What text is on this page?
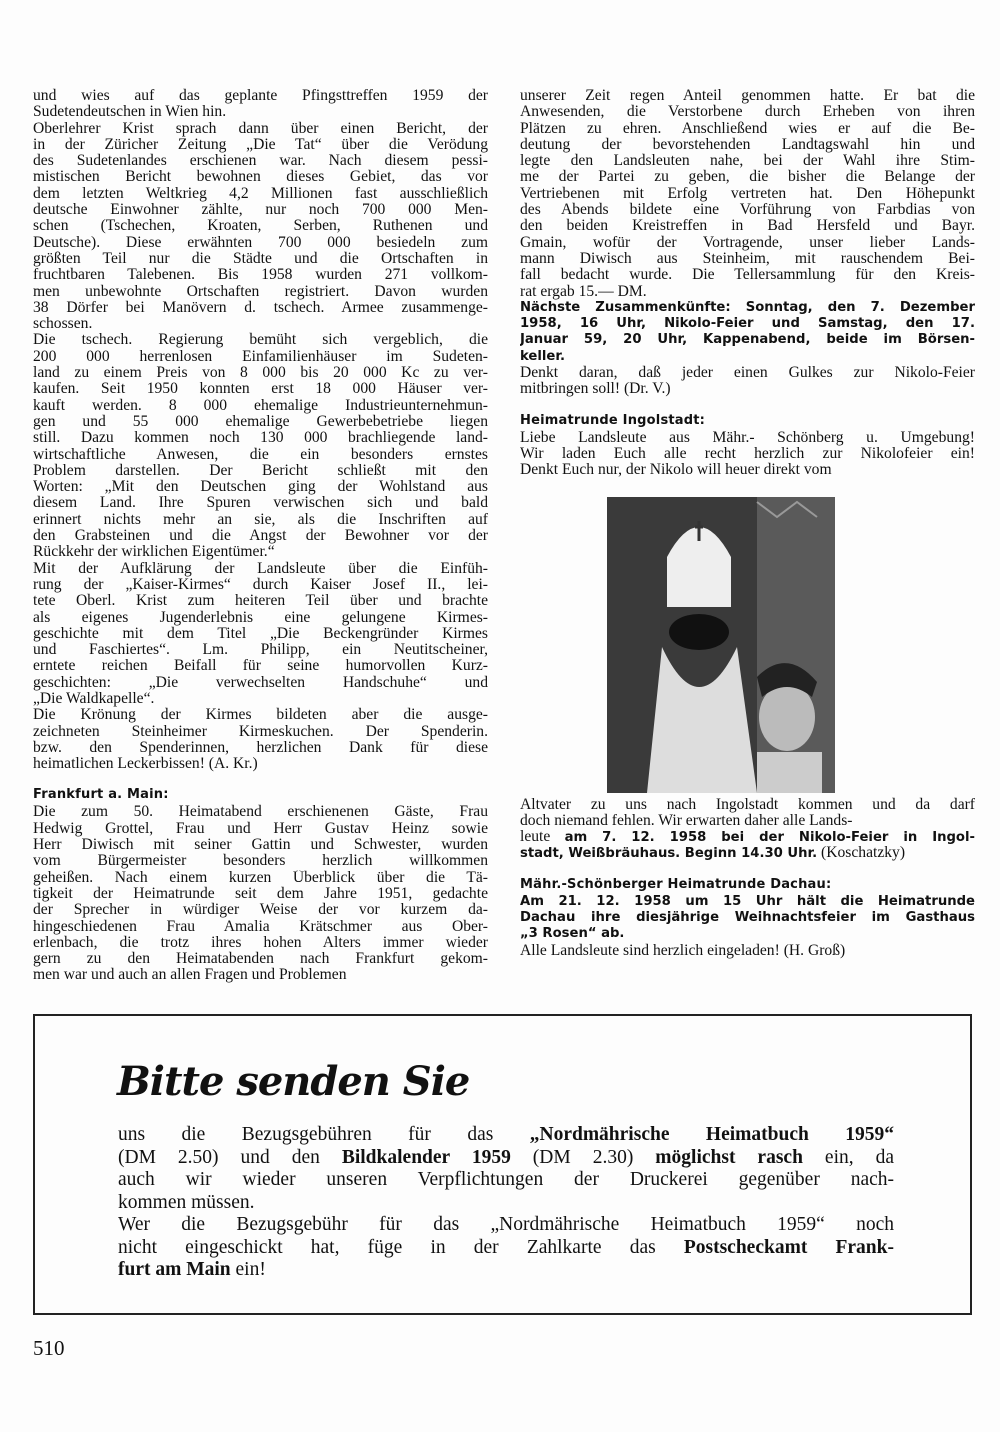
und wies auf das geplante Pfingsttreffen 1959 der
Sudetendeutschen in Wien hin.
Oberlehrer Krist sprach dann über einen Bericht, der
in der Züricher Zeitung „Die Tat“ über die Verödung
des Sudetenlandes erschienen war. Nach diesem pessi-
mistischen Bericht bewohnen dieses Gebiet, das vor
dem letzten Weltkrieg 4,2 Millionen fast ausschließlich
deutsche Einwohner zählte, nur noch 700 000 Men-
schen (Tschechen, Kroaten, Serben, Ruthenen und
Deutsche). Diese erwähnten 700 000 besiedeln zum
größten Teil nur die Städte und die Ortschaften in
fruchtbaren Talebenen. Bis 1958 wurden 271 vollkom-
men unbewohnte Ortschaften registriert. Davon wurden
38 Dörfer bei Manövern d. tschech. Armee zusammenge-
schossen.
Die tschech. Regierung bemüht sich vergeblich, die
200 000 herrenlosen Einfamilienhäuser im Sudeten-
land zu einem Preis von 8 000 bis 20 000 Kc zu ver-
kaufen. Seit 1950 konnten erst 18 000 Häuser ver-
kauft werden. 8 000 ehemalige Industrieunternehmun-
gen und 55 000 ehemalige Gewerbebetriebe liegen
still. Dazu kommen noch 130 000 brachliegende land-
wirtschaftliche Anwesen, die ein besonders ernstes
Problem darstellen. Der Bericht schließt mit den
Worten: „Mit den Deutschen ging der Wohlstand aus
diesem Land. Ihre Spuren verwischen sich und bald
erinnert nichts mehr an sie, als die Inschriften auf
den Grabsteinen und die Angst der Bewohner vor der
Rückkehr der wirklichen Eigentümer.“
Mit der Aufklärung der Landsleute über die Einfüh-
rung der „Kaiser-Kirmes“ durch Kaiser Josef II., lei-
tete Oberl. Krist zum heiteren Teil über und brachte
als eigenes Jugenderlebnis eine gelungene Kirmes-
geschichte mit dem Titel „Die Beckengründer Kirmes
und Faschiertes“. Lm. Philipp, ein Neutitscheiner,
erntete reichen Beifall für seine humorvollen Kurz-
geschichten: „Die verwechselten Handschuhe“ und
„Die Waldkapelle“.
Die Krönung der Kirmes bildeten aber die ausge-
zeichneten Steinheimer Kirmeskuchen. Der Spenderin.
bzw. den Spenderinnen, herzlichen Dank für diese
heimatlichen Leckerbissen! (A. Kr.)
Frankfurt a. Main:
Die zum 50. Heimatabend erschienenen Gäste, Frau
Hedwig Grottel, Frau und Herr Gustav Heinz sowie
Herr Diwisch mit seiner Gattin und Schwester, wurden
vom Bürgermeister besonders herzlich willkommen
geheißen. Nach einem kurzen Überblick über die Tä-
tigkeit der Heimatrunde seit dem Jahre 1951, gedachte
der Sprecher in würdiger Weise der vor kurzem da-
hingeschiedenen Frau Amalia Krätschmer aus Ober-
erlenbach, die trotz ihres hohen Alters immer wieder
gern zu den Heimatabenden nach Frankfurt gekom-
men war und auch an allen Fragen und Problemen
unserer Zeit regen Anteil genommen hatte. Er bat die
Anwesenden, die Verstorbene durch Erheben von ihren
Plätzen zu ehren. Anschließend wies er auf die Be-
deutung der bevorstehenden Landtagswahl hin und
legte den Landsleuten nahe, bei der Wahl ihre Stim-
me der Partei zu geben, die bisher die Belange der
Vertriebenen mit Erfolg vertreten hat. Den Höhepunkt
des Abends bildete eine Vorführung von Farbdias von
den beiden Kreistreffen in Bad Hersfeld und Bayr.
Gmain, wofür der Vortragende, unser lieber Lands-
mann Diwisch aus Steinheim, mit rauschendem Bei-
fall bedacht wurde. Die Tellersammlung für den Kreis-
rat ergab 15.— DM.
Nächste Zusammenkünfte: Sonntag, den 7. Dezember
1958, 16 Uhr, Nikolo-Feier und Samstag, den 17.
Januar 59, 20 Uhr, Kappenabend, beide im Börsen-
keller.
Denkt daran, daß jeder einen Gulkes zur Nikolo-Feier
mitbringen soll! (Dr. V.)
Heimatrunde Ingolstadt:
Liebe Landsleute aus Mähr.- Schönberg u. Umgebung!
Wir laden Euch alle recht herzlich zur Nikolofeier ein!
Denkt Euch nur, der Nikolo will heuer direkt vom
Altvater zu uns nach Ingolstadt kommen und da darf
doch niemand fehlen. Wir erwarten daher alle Lands-
leute am 7. 12. 1958 bei der Nikolo-Feier in Ingol-
stadt, Weißbräuhaus. Beginn 14.30 Uhr. (Koschatzky)
Mähr.-Schönberger Heimatrunde Dachau:
Am 21. 12. 1958 um 15 Uhr hält die Heimatrunde
Dachau ihre diesjährige Weihnachtsfeier im Gasthaus
„3 Rosen“ ab.
Alle Landsleute sind herzlich eingeladen! (H. Groß)
Bitte senden Sie
uns die Bezugsgebühren für das „Nordmährische Heimatbuch 1959“
(DM 2.50) und den Bildkalender 1959 (DM 2.30) möglichst rasch ein, da
auch wir wieder unseren Verpflichtungen der Druckerei gegenüber nach-
kommen müssen.
Wer die Bezugsgebühr für das „Nordmährische Heimatbuch 1959“ noch
nicht eingeschickt hat, füge in der Zahlkarte das Postscheckamt Frank-
furt am Main ein!
510
